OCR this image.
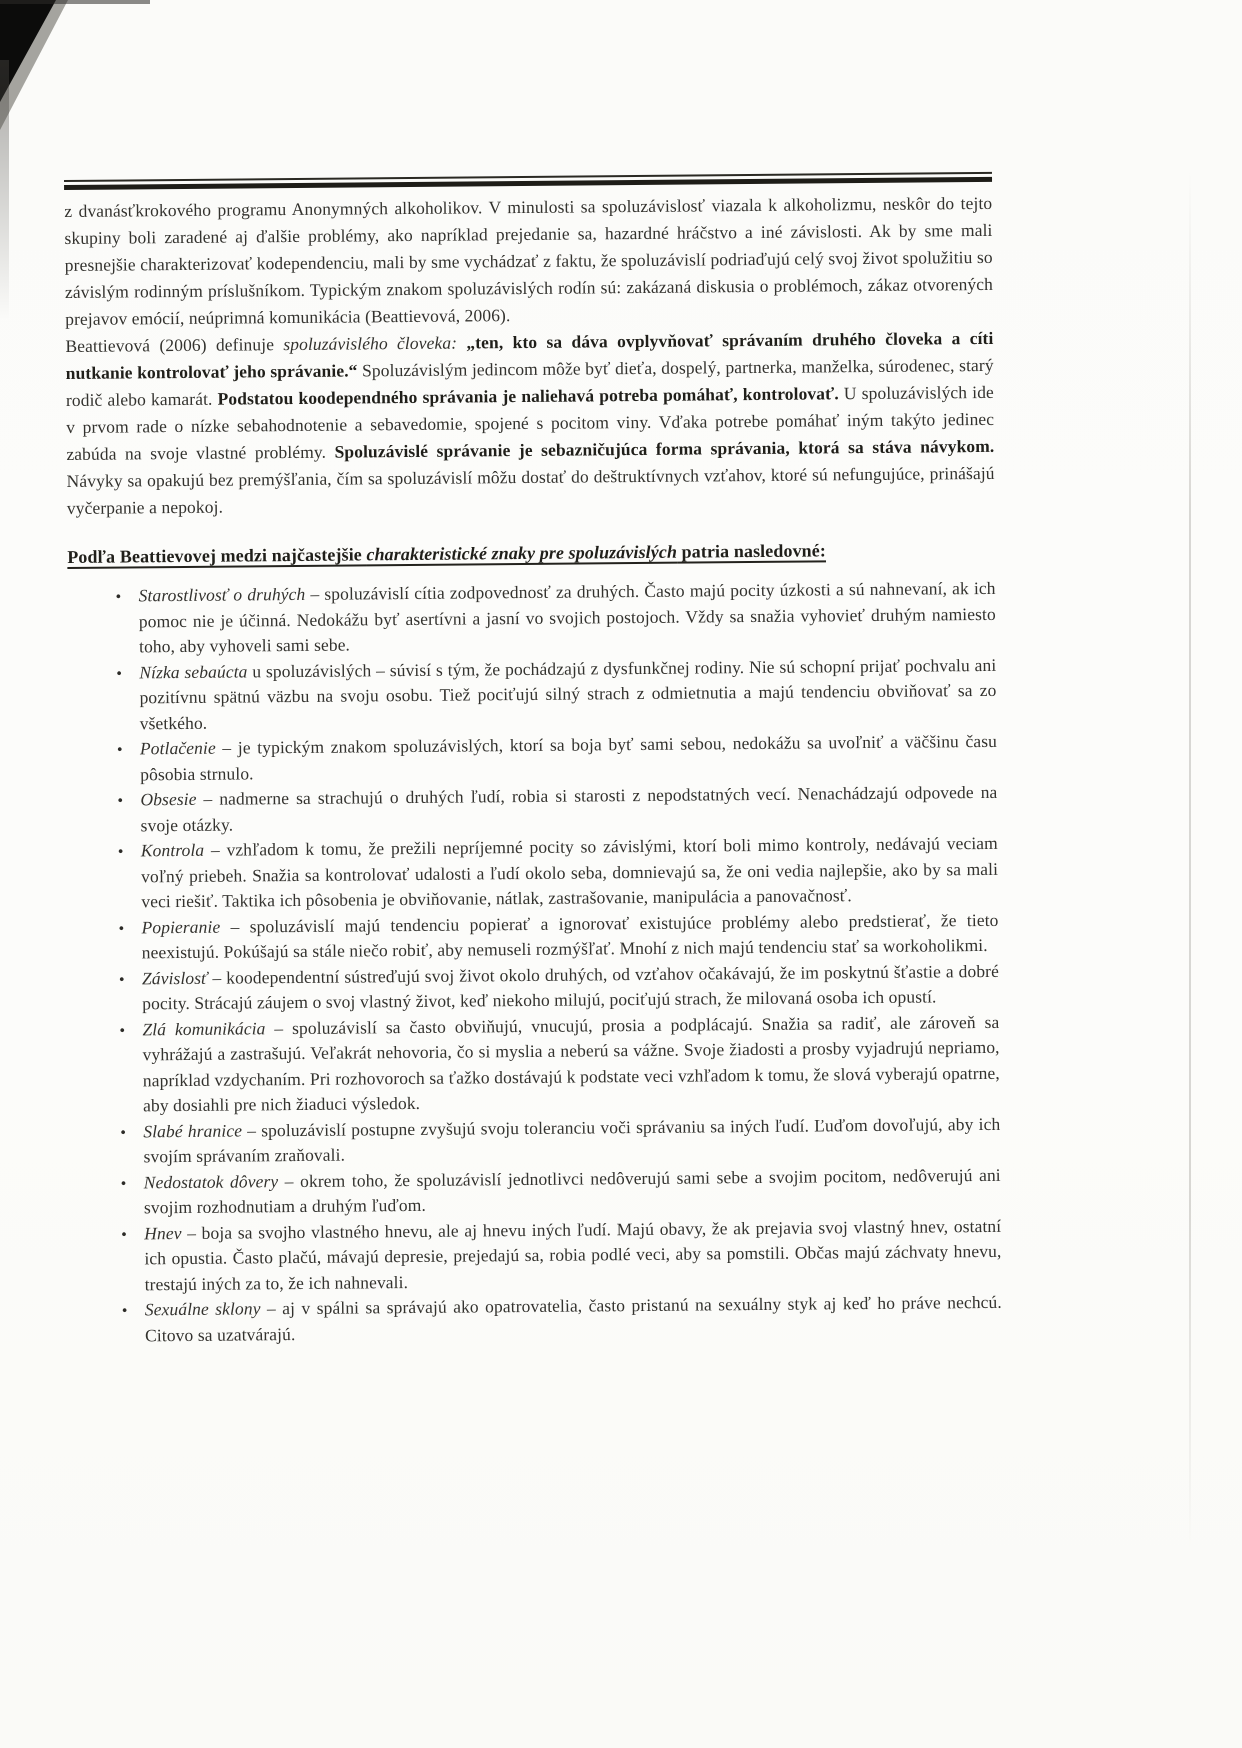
z dvanásťkrokového programu Anonymných alkoholikov. V minulosti sa spoluzávislosť viazala k alkoholizmu, neskôr do tejto skupiny boli zaradené aj ďalšie problémy, ako napríklad prejedanie sa, hazardné hráčstvo a iné závislosti. Ak by sme mali presnejšie charakterizovať kodependenciu, mali by sme vychádzať z faktu, že spoluzávislí podriaďujú celý svoj život spolužitiu so závislým rodinným príslušníkom. Typickým znakom spoluzávislých rodín sú: zakázaná diskusia o problémoch, zákaz otvorených prejavov emócií, neúprimná komunikácia (Beattievová, 2006).

Beattievová (2006) definuje spoluzávislého človeka: „ten, kto sa dáva ovplyvňovať správaním druhého človeka a cíti nutkanie kontrolovať jeho správanie.“ Spoluzávislým jedincom môže byť dieťa, dospelý, partnerka, manželka, súrodenec, starý rodič alebo kamarát. Podstatou koodependného správania je naliehavá potreba pomáhať, kontrolovať. U spoluzávislých ide v prvom rade o nízke sebahodnotenie a sebavedomie, spojené s pocitom viny. Vďaka potrebe pomáhať iným takýto jedinec zabúda na svoje vlastné problémy. Spoluzávislé správanie je sebazničujúca forma správania, ktorá sa stáva návykom. Návyky sa opakujú bez premýšľania, čím sa spoluzávislí môžu dostať do deštruktívnych vzťahov, ktoré sú nefungujúce, prinášajú vyčerpanie a nepokoj.

Podľa Beattievovej medzi najčastejšie charakteristické znaky pre spoluzávislých patria nasledovné:
• Starostlivosť o druhých – spoluzávislí cítia zodpovednosť za druhých. Často majú pocity úzkosti a sú nahnevaní, ak ich pomoc nie je účinná. Nedokážu byť asertívni a jasní vo svojich postojoch. Vždy sa snažia vyhovieť druhým namiesto toho, aby vyhoveli sami sebe.
• Nízka sebaúcta u spoluzávislých – súvisí s tým, že pochádzajú z dysfunkčnej rodiny. Nie sú schopní prijať pochvalu ani pozitívnu spätnú väzbu na svoju osobu. Tiež pociťujú silný strach z odmietnutia a majú tendenciu obviňovať sa zo všetkého.
• Potlačenie – je typickým znakom spoluzávislých, ktorí sa boja byť sami sebou, nedokážu sa uvoľniť a väčšinu času pôsobia strnulo.
• Obsesie – nadmerne sa strachujú o druhých ľudí, robia si starosti z nepodstatných vecí. Nenachádzajú odpovede na svoje otázky.
• Kontrola – vzhľadom k tomu, že prežili nepríjemné pocity so závislými, ktorí boli mimo kontroly, nedávajú veciam voľný priebeh. Snažia sa kontrolovať udalosti a ľudí okolo seba, domnievajú sa, že oni vedia najlepšie, ako by sa mali veci riešiť. Taktika ich pôsobenia je obviňovanie, nátlak, zastrašovanie, manipulácia a panovačnosť.
• Popieranie – spoluzávislí majú tendenciu popierať a ignorovať existujúce problémy alebo predstierať, že tieto neexistujú. Pokúšajú sa stále niečo robiť, aby nemuseli rozmýšľať. Mnohí z nich majú tendenciu stať sa workoholikmi.
• Závislosť – koodependentní sústreďujú svoj život okolo druhých, od vzťahov očakávajú, že im poskytnú šťastie a dobré pocity. Strácajú záujem o svoj vlastný život, keď niekoho milujú, pociťujú strach, že milovaná osoba ich opustí.
• Zlá komunikácia – spoluzávislí sa často obviňujú, vnucujú, prosia a podplácajú. Snažia sa radiť, ale zároveň sa vyhrážajú a zastrašujú. Veľakrát nehovoria, čo si myslia a neberú sa vážne. Svoje žiadosti a prosby vyjadrujú nepriamo, napríklad vzdychaním. Pri rozhovoroch sa ťažko dostávajú k podstate veci vzhľadom k tomu, že slová vyberajú opatrne, aby dosiahli pre nich žiaduci výsledok.
• Slabé hranice – spoluzávislí postupne zvyšujú svoju toleranciu voči správaniu sa iných ľudí. Ľuďom dovoľujú, aby ich svojím správaním zraňovali.
• Nedostatok dôvery – okrem toho, že spoluzávislí jednotlivci nedôverujú sami sebe a svojim pocitom, nedôverujú ani svojim rozhodnutiam a druhým ľuďom.
• Hnev – boja sa svojho vlastného hnevu, ale aj hnevu iných ľudí. Majú obavy, že ak prejavia svoj vlastný hnev, ostatní ich opustia. Často plačú, mávajú depresie, prejedajú sa, robia podlé veci, aby sa pomstili. Občas majú záchvaty hnevu, trestajú iných za to, že ich nahnevali.
• Sexuálne sklony – aj v spálni sa správajú ako opatrovatelia, často pristanú na sexuálny styk aj keď ho práve nechcú. Citovo sa uzatvárajú.
